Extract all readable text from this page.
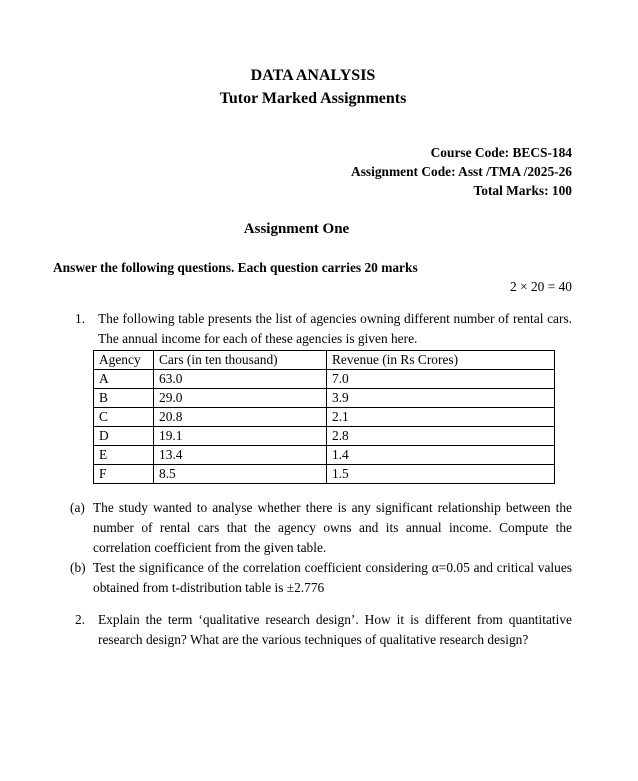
DATA ANALYSIS
Tutor Marked Assignments
Course Code: BECS-184
Assignment Code: Asst /TMA /2025-26
Total Marks: 100
Assignment One
Answer the following questions. Each question carries 20 marks
2 × 20 = 40
1. The following table presents the list of agencies owning different number of rental cars. The annual income for each of these agencies is given here.
Agency	Cars (in ten thousand)	Revenue (in Rs Crores)
A	63.0	7.0
B	29.0	3.9
C	20.8	2.1
D	19.1	2.8
E	13.4	1.4
F	8.5	1.5
(a) The study wanted to analyse whether there is any significant relationship between the number of rental cars that the agency owns and its annual income. Compute the correlation coefficient from the given table.
(b) Test the significance of the correlation coefficient considering α=0.05 and critical values obtained from t-distribution table is ±2.776
2. Explain the term ‘qualitative research design’. How it is different from quantitative research design? What are the various techniques of qualitative research design?
